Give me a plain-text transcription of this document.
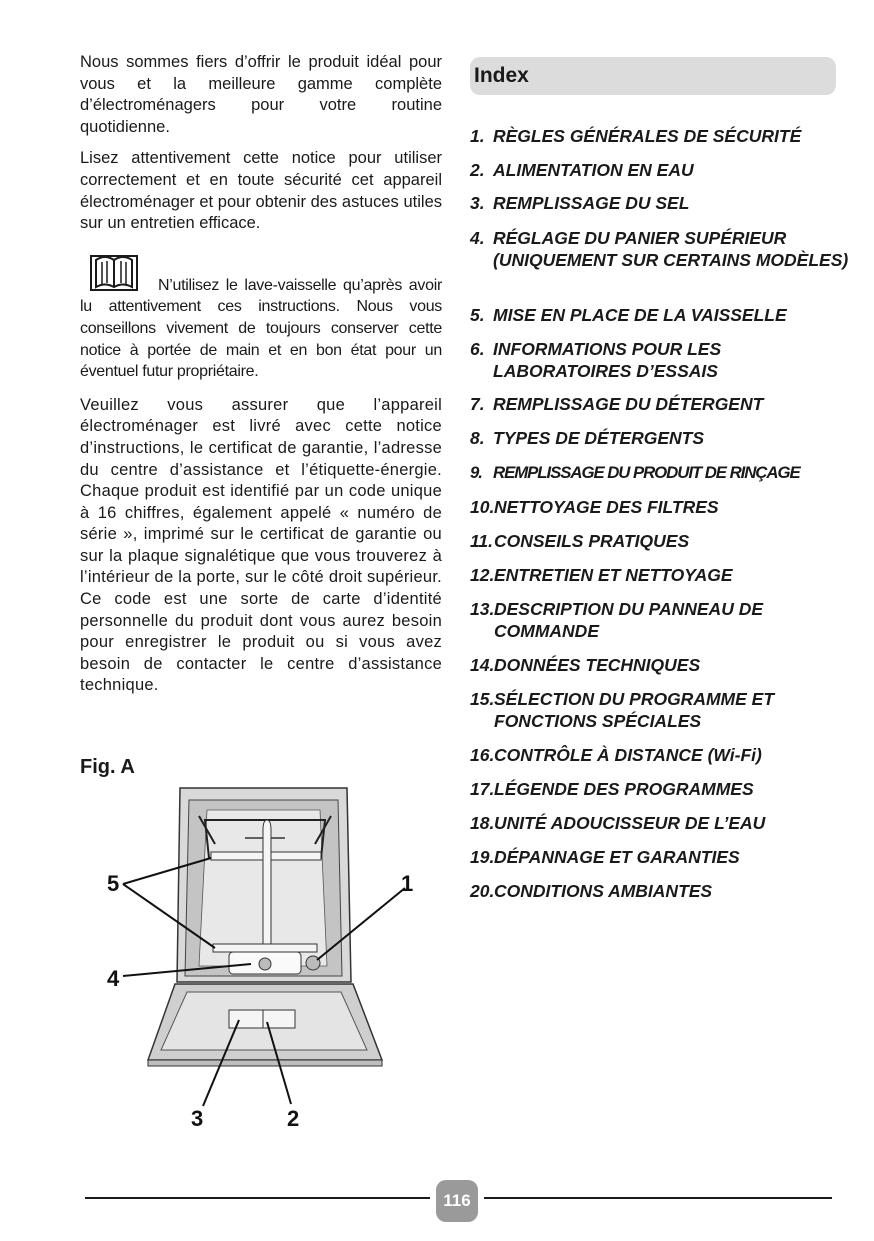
Nous sommes fiers d’offrir le produit idéal pour vous et la meilleure gamme complète d’électroménagers pour votre routine quotidienne.

Lisez attentivement cette notice pour utiliser correctement et en toute sécurité cet appareil électroménager et pour obtenir des astuces utiles sur un entretien efficace.

N’utilisez le lave-vaisselle qu’après avoir lu attentivement ces instructions. Nous vous conseillons vivement de toujours conserver cette notice à portée de main et en bon état pour un éventuel futur propriétaire.

Veuillez vous assurer que l’appareil électroménager est livré avec cette notice d’instructions, le certificat de garantie, l’adresse du centre d’assistance et l’étiquette-énergie. Chaque produit est identifié par un code unique à 16 chiffres, également appelé « numéro de série », imprimé sur le certificat de garantie ou sur la plaque signalétique que vous trouverez à l’intérieur de la porte, sur le côté droit supérieur. Ce code est une sorte de carte d’identité personnelle du produit dont vous aurez besoin pour enregistrer le produit ou si vous avez besoin de contacter le centre d’assistance technique.

Fig. A
5	1
4
3	2
Index
1. RÈGLES GÉNÉRALES DE SÉCURITÉ
2. ALIMENTATION EN EAU
3. REMPLISSAGE DU SEL
4. RÉGLAGE DU PANIER SUPÉRIEUR (UNIQUEMENT SUR CERTAINS MODÈLES)
5. MISE EN PLACE DE LA VAISSELLE
6. INFORMATIONS POUR LES LABORATOIRES D’ESSAIS
7. REMPLISSAGE DU DÉTERGENT
8. TYPES DE DÉTERGENTS
9. REMPLISSAGE DU PRODUIT DE RINÇAGE
10. NETTOYAGE DES FILTRES
11. CONSEILS PRATIQUES
12. ENTRETIEN ET NETTOYAGE
13. DESCRIPTION DU PANNEAU DE COMMANDE
14. DONNÉES TECHNIQUES
15. SÉLECTION DU PROGRAMME ET FONCTIONS SPÉCIALES
16. CONTRÔLE À DISTANCE (Wi-Fi)
17. LÉGENDE DES PROGRAMMES
18. UNITÉ ADOUCISSEUR DE L’EAU
19. DÉPANNAGE ET GARANTIES
20. CONDITIONS AMBIANTES
116
